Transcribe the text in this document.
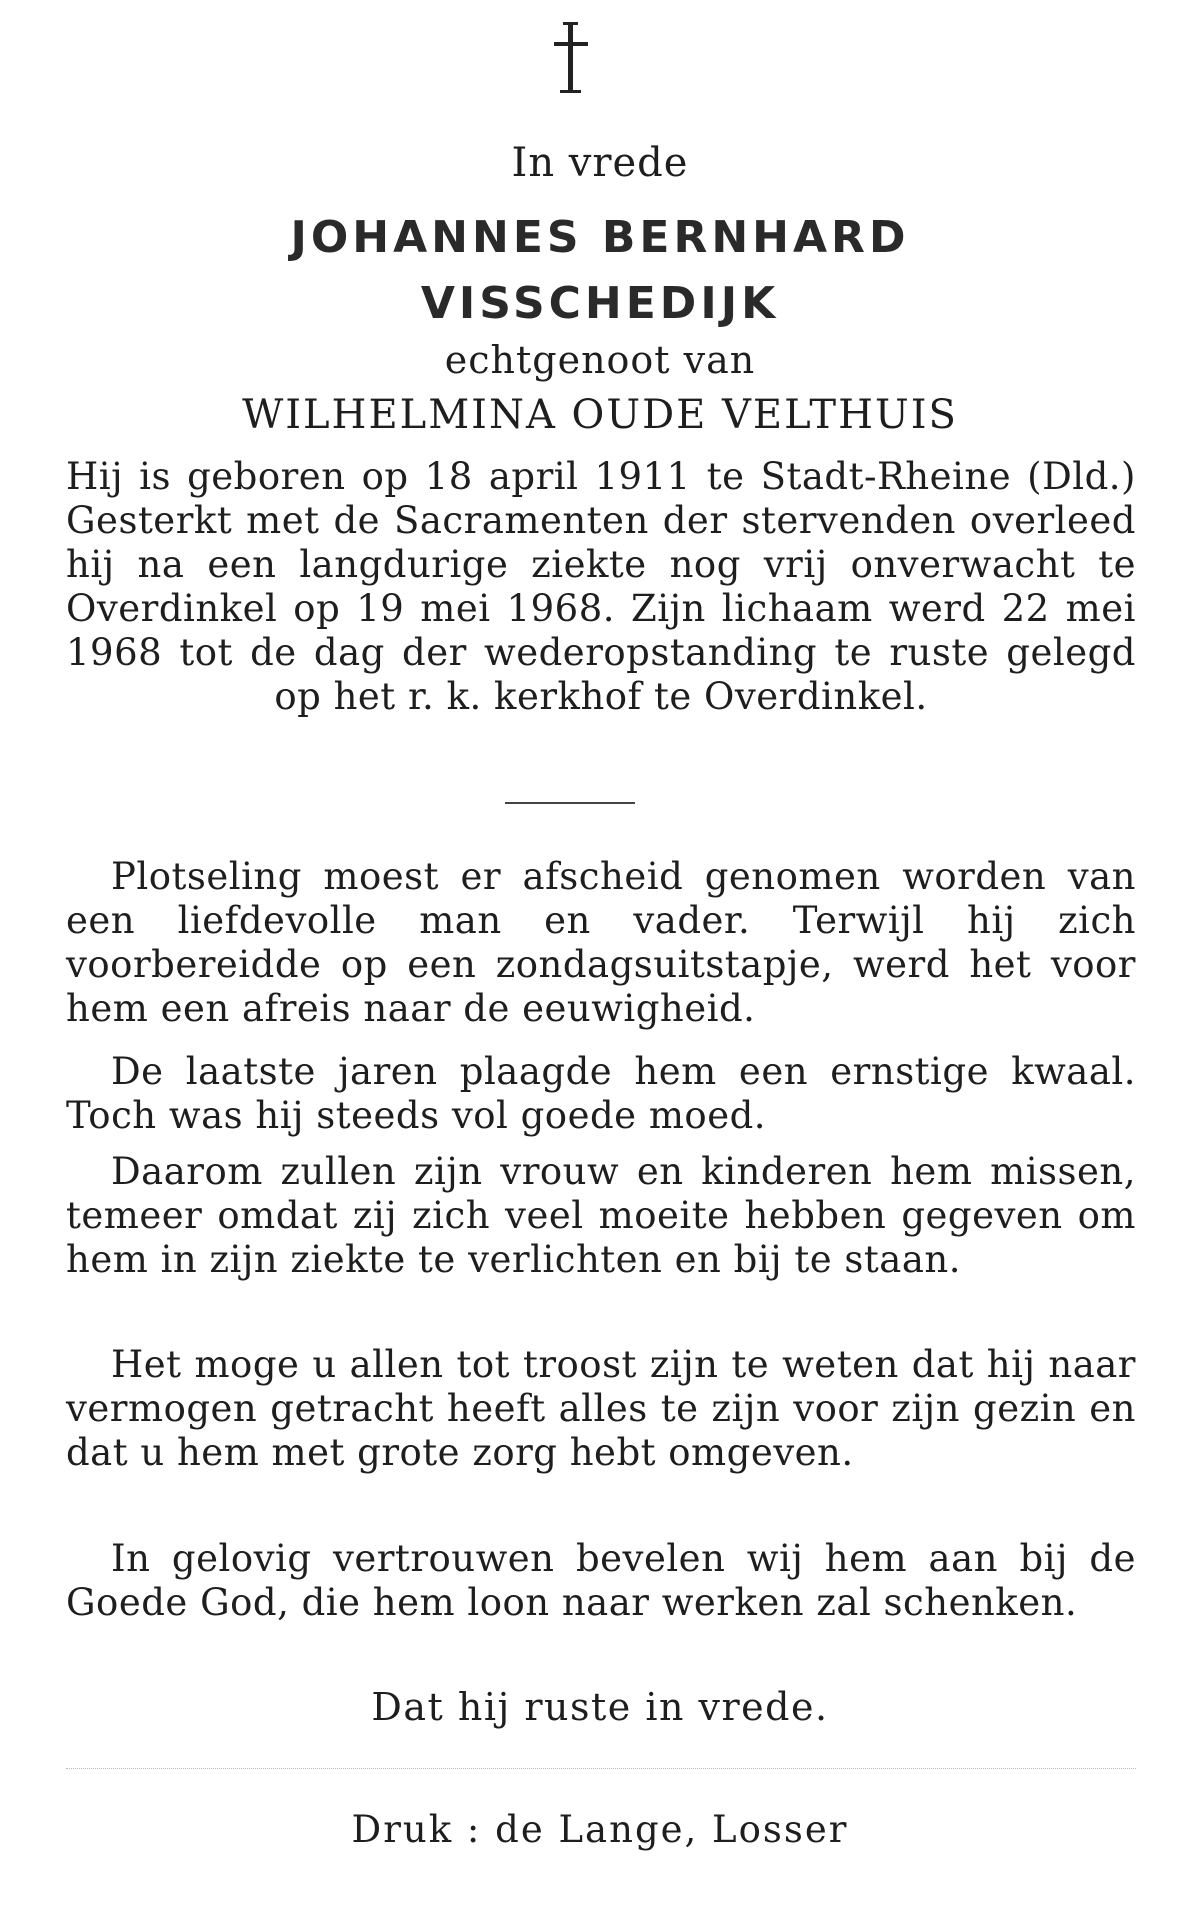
In vrede
JOHANNES BERNHARD
VISSCHEDIJK
echtgenoot van
WILHELMINA OUDE VELTHUIS
Hij is geboren op 18 april 1911 te Stadt-Rheine (Dld.) Gesterkt met de Sacramenten der stervenden overleed hij na een langdurige ziekte nog vrij onverwacht te Overdinkel op 19 mei 1968. Zijn lichaam werd 22 mei 1968 tot de dag der wederopstanding te ruste gelegd op het r. k. kerkhof te Overdinkel.

Plotseling moest er afscheid genomen worden van een liefdevolle man en vader. Terwijl hij zich voorbereidde op een zondagsuitstapje, werd het voor hem een afreis naar de eeuwigheid.

De laatste jaren plaagde hem een ernstige kwaal. Toch was hij steeds vol goede moed.

Daarom zullen zijn vrouw en kinderen hem missen, temeer omdat zij zich veel moeite hebben gegeven om hem in zijn ziekte te verlichten en bij te staan.

Het moge u allen tot troost zijn te weten dat hij naar vermogen getracht heeft alles te zijn voor zijn gezin en dat u hem met grote zorg hebt omgeven.

In gelovig vertrouwen bevelen wij hem aan bij de Goede God, die hem loon naar werken zal schenken.

Dat hij ruste in vrede.
Druk : de Lange, Losser
